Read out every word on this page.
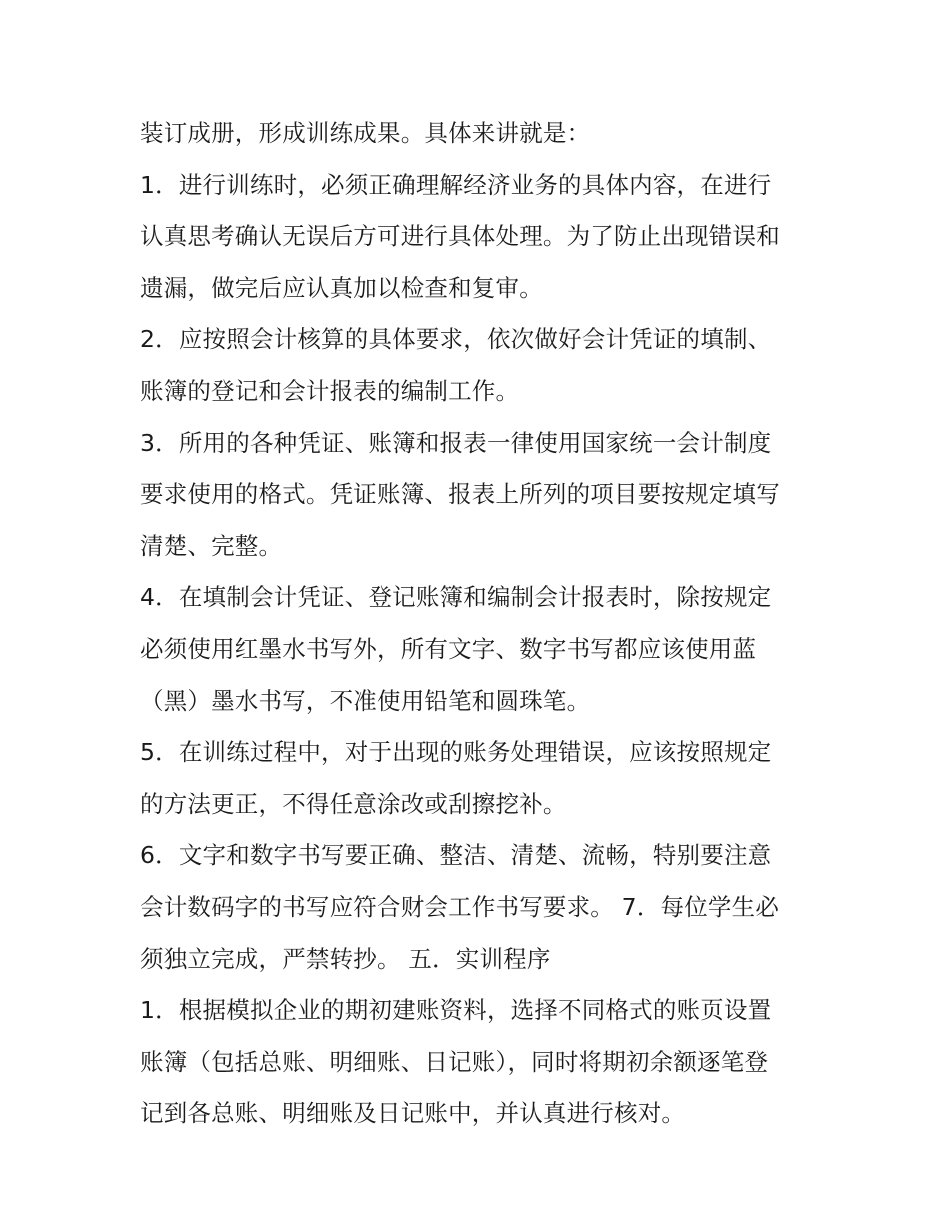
装订成册，形成训练成果。具体来讲就是：
1．进行训练时，必须正确理解经济业务的具体内容，在进行
认真思考确认无误后方可进行具体处理。为了防止出现错误和
遗漏，做完后应认真加以检查和复审。
2．应按照会计核算的具体要求，依次做好会计凭证的填制、
账簿的登记和会计报表的编制工作。
3．所用的各种凭证、账簿和报表一律使用国家统一会计制度
要求使用的格式。凭证账簿、报表上所列的项目要按规定填写
清楚、完整。
4．在填制会计凭证、登记账簿和编制会计报表时，除按规定
必须使用红墨水书写外，所有文字、数字书写都应该使用蓝
（黑）墨水书写，不准使用铅笔和圆珠笔。
5．在训练过程中，对于出现的账务处理错误，应该按照规定
的方法更正，不得任意涂改或刮擦挖补。
6．文字和数字书写要正确、整洁、清楚、流畅，特别要注意
会计数码字的书写应符合财会工作书写要求。 7．每位学生必
须独立完成，严禁转抄。 五．实训程序
1．根据模拟企业的期初建账资料，选择不同格式的账页设置
账簿（包括总账、明细账、日记账），同时将期初余额逐笔登
记到各总账、明细账及日记账中，并认真进行核对。
